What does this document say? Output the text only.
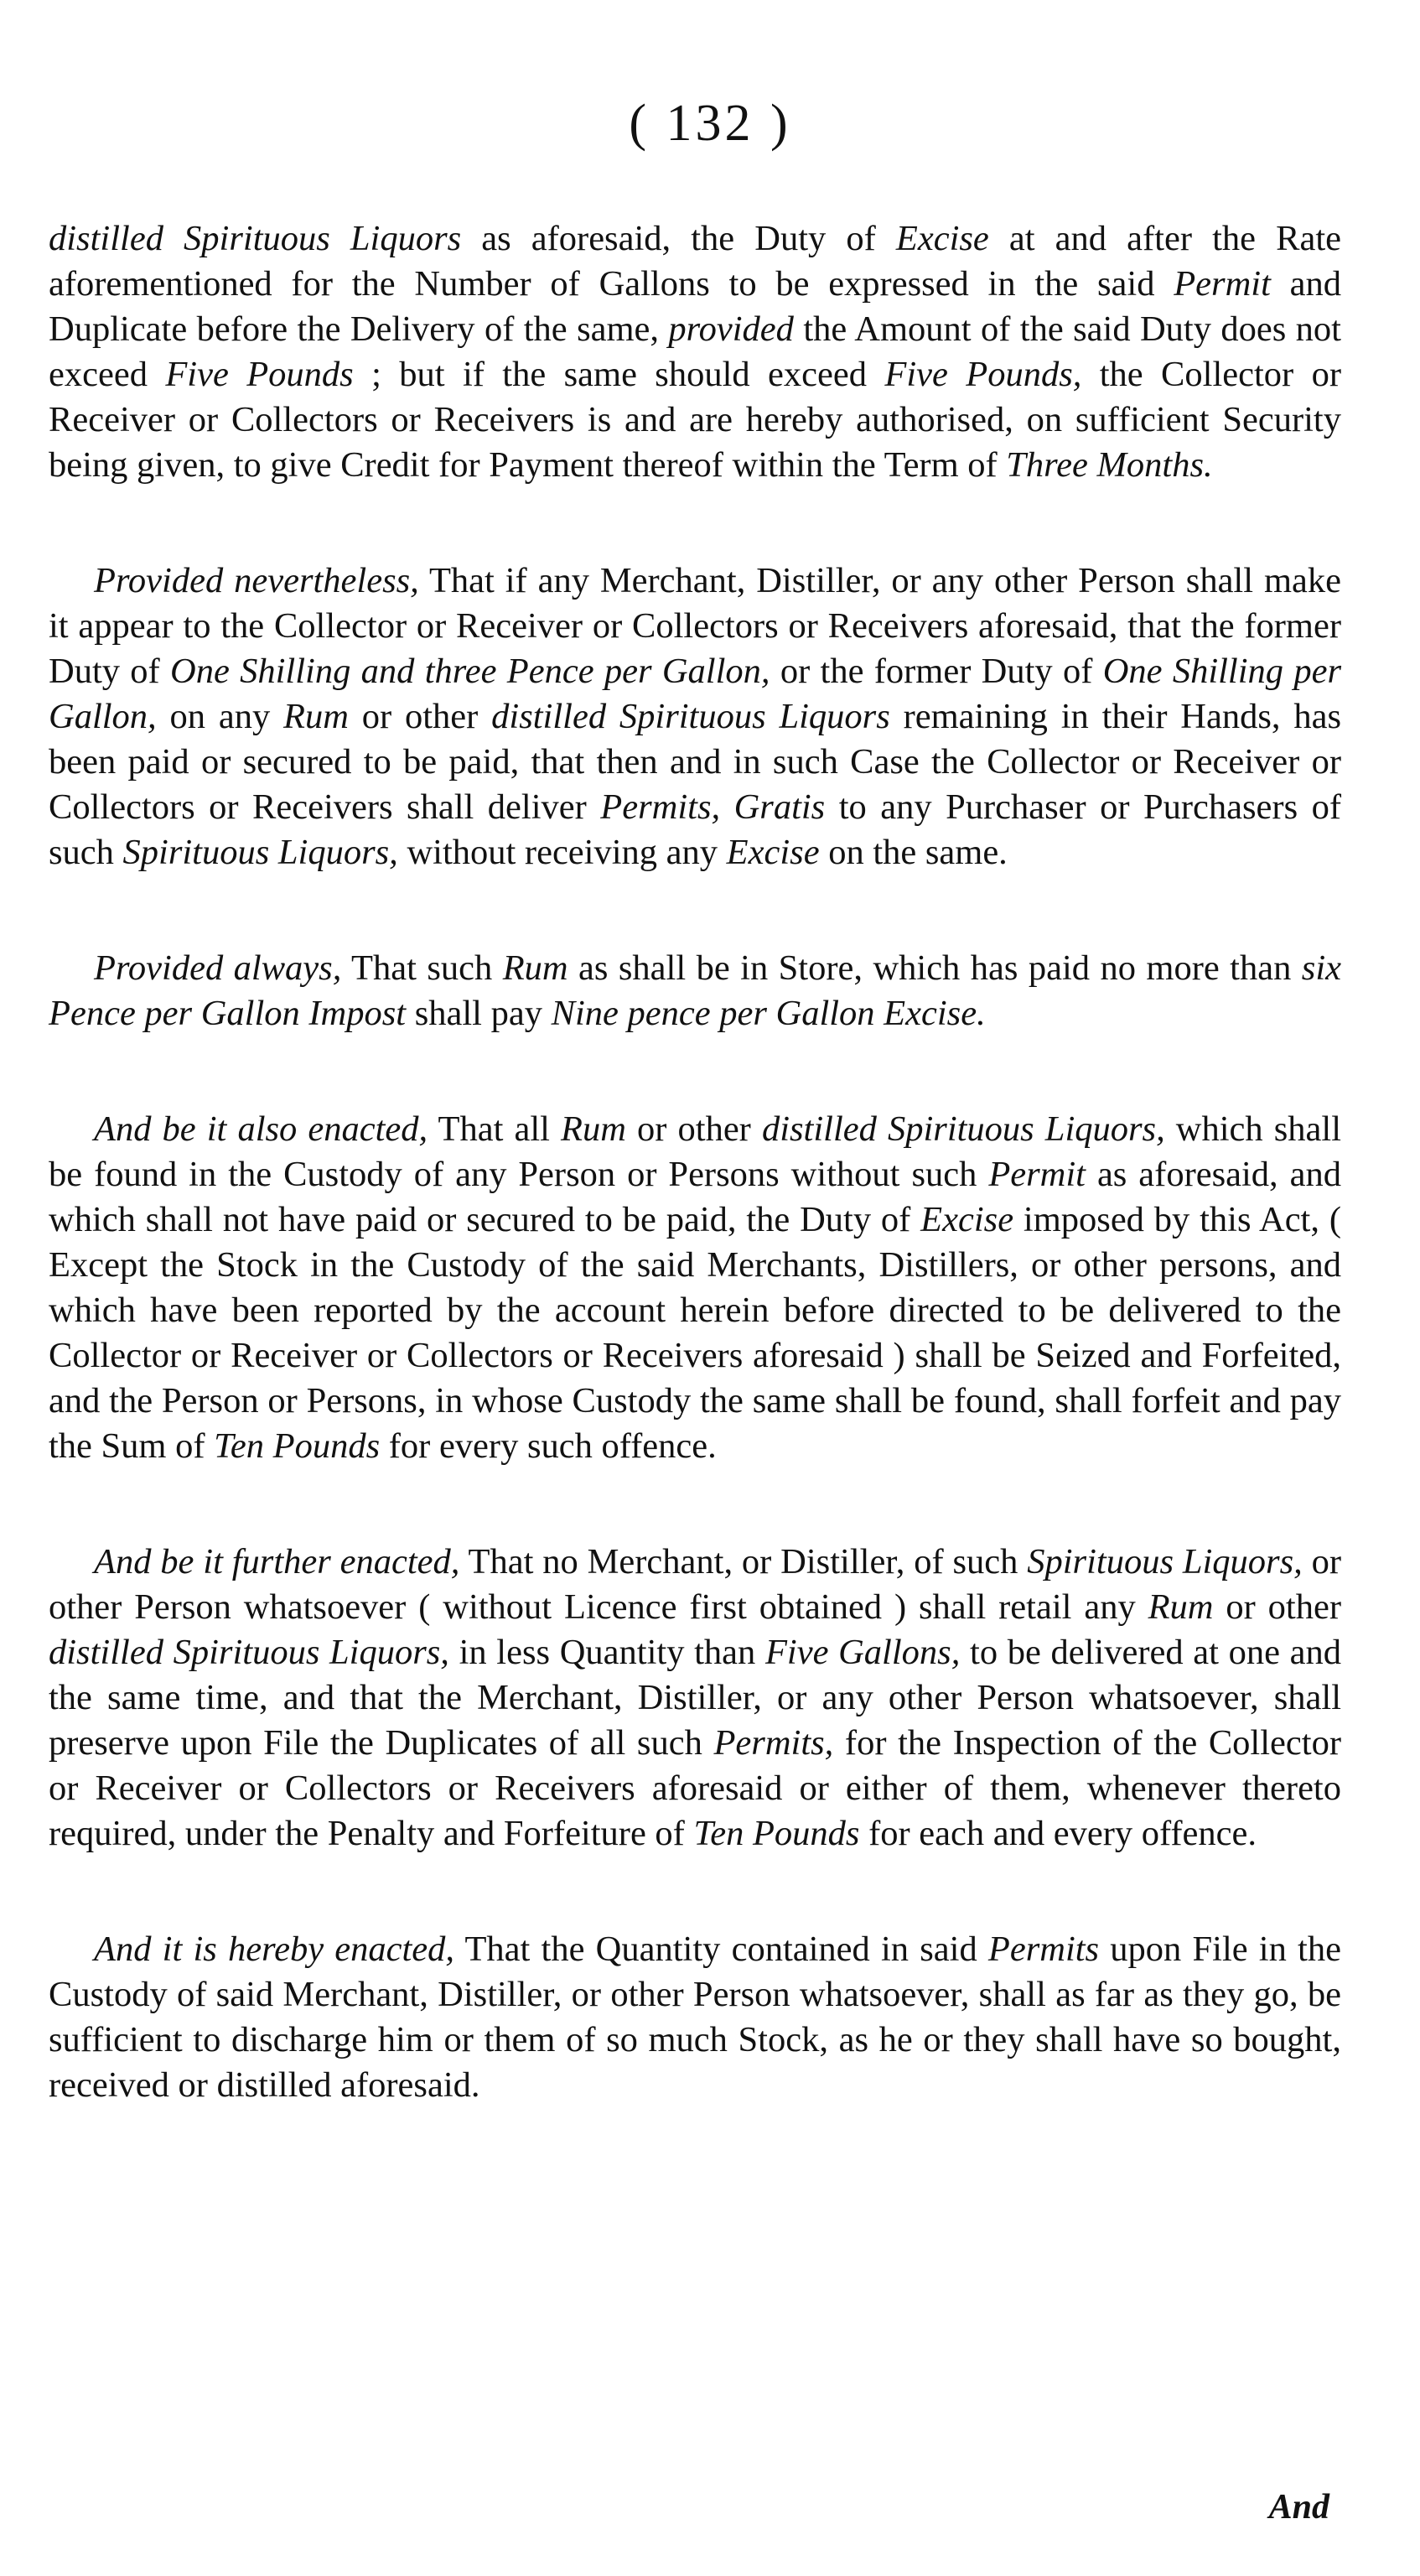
( 132 )

distilled Spirituous Liquors as aforesaid, the Duty of Excise at and after the Rate aforementioned for the Number of Gallons to be expressed in the said Permit and Duplicate before the Delivery of the same, provided the Amount of the said Duty does not exceed Five Pounds ; but if the same should exceed Five Pounds, the Collector or Receiver or Collectors or Receivers is and are hereby authorised, on sufficient Security being given, to give Credit for Payment thereof within the Term of Three Months.

Provided nevertheless, That if any Merchant, Distiller, or any other Person shall make it appear to the Collector or Receiver or Collectors or Receivers aforesaid, that the former Duty of One Shilling and three Pence per Gallon, or the former Duty of One Shilling per Gallon, on any Rum or other distilled Spirituous Liquors remaining in their Hands, has been paid or secured to be paid, that then and in such Case the Collector or Receiver or Collectors or Receivers shall deliver Permits, Gratis to any Purchaser or Purchasers of such Spirituous Liquors, without receiving any Excise on the same.

Provided always, That such Rum as shall be in Store, which has paid no more than six Pence per Gallon Impost shall pay Nine pence per Gallon Excise.

And be it also enacted, That all Rum or other distilled Spirituous Liquors, which shall be found in the Custody of any Person or Persons without such Permit as aforesaid, and which shall not have paid or secured to be paid, the Duty of Excise imposed by this Act, ( Except the Stock in the Custody of the said Merchants, Distillers, or other persons, and which have been reported by the account herein before directed to be delivered to the Collector or Receiver or Collectors or Receivers aforesaid ) shall be Seized and Forfeited, and the Person or Persons, in whose Custody the same shall be found, shall forfeit and pay the Sum of Ten Pounds for every such offence.

And be it further enacted, That no Merchant, or Distiller, of such Spirituous Liquors, or other Person whatsoever ( without Licence first obtained ) shall retail any Rum or other distilled Spirituous Liquors, in less Quantity than Five Gallons, to be delivered at one and the same time, and that the Merchant, Distiller, or any other Person whatsoever, shall preserve upon File the Duplicates of all such Permits, for the Inspection of the Collector or Receiver or Collectors or Receivers aforesaid or either of them, whenever thereto required, under the Penalty and Forfeiture of Ten Pounds for each and every offence.

And it is hereby enacted, That the Quantity contained in said Permits upon File in the Custody of said Merchant, Distiller, or other Person whatsoever, shall as far as they go, be sufficient to discharge him or them of so much Stock, as he or they shall have so bought, received or distilled aforesaid.

And
